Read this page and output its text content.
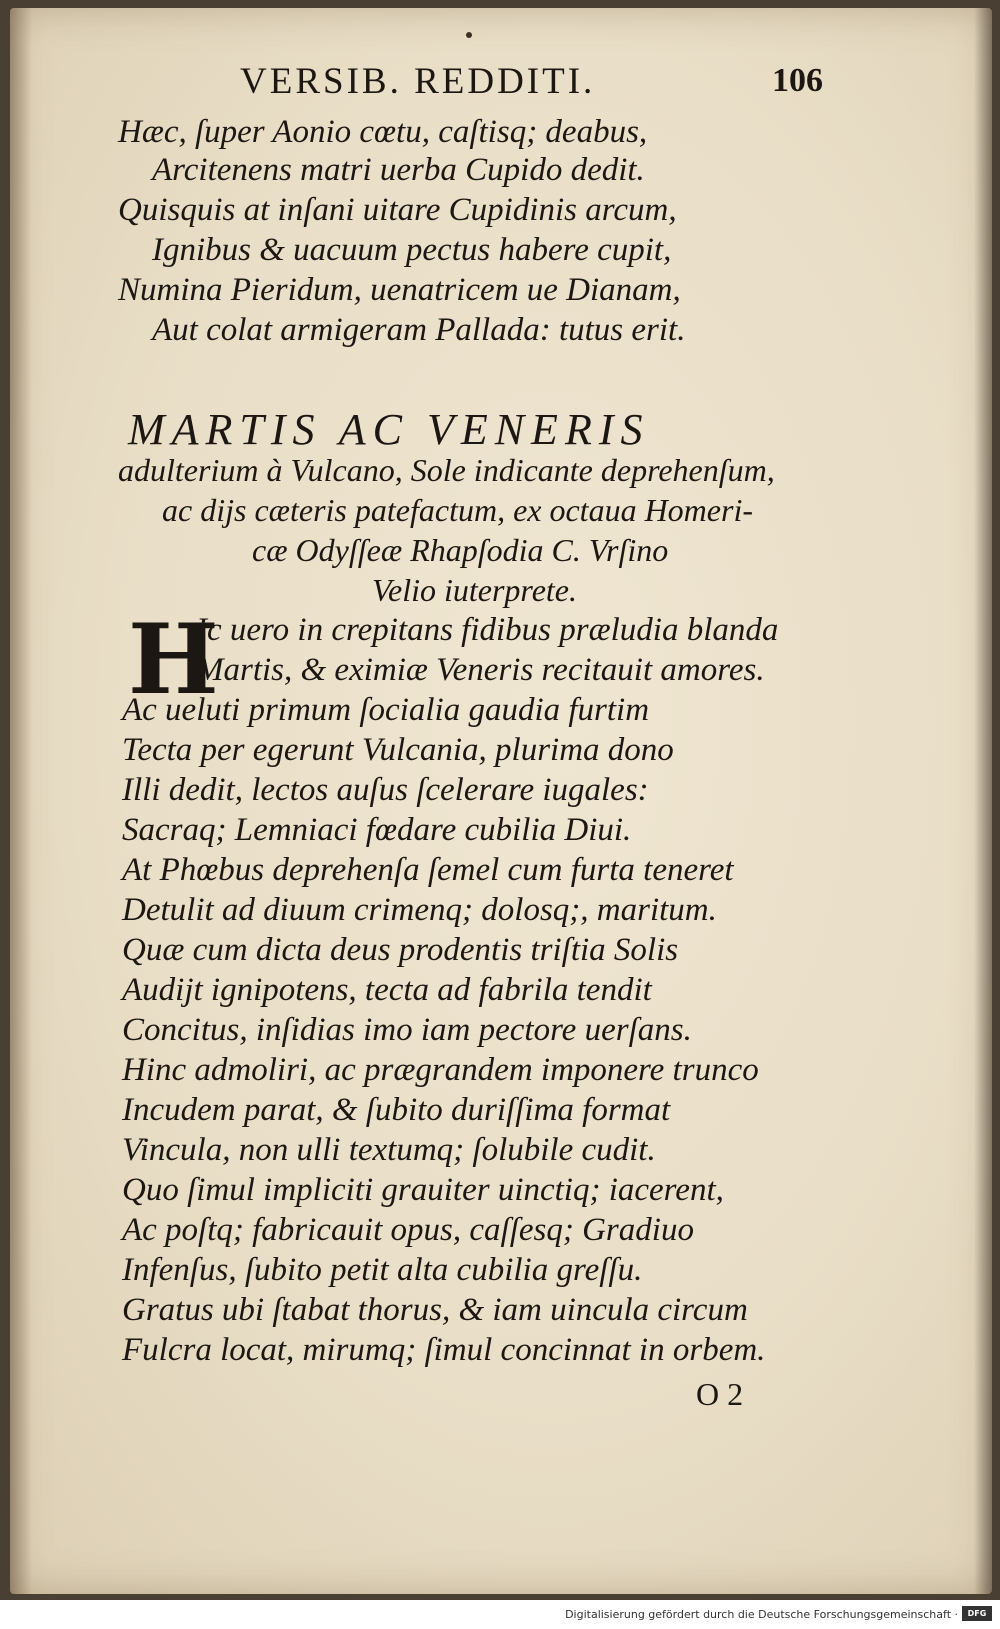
VERSIB. REDDITI.	106
Hæc, ſuper Aonio cœtu, caſtisq; deabus,
Arcitenens matri uerba Cupido dedit.
Quisquis at inſani uitare Cupidinis arcum,
Ignibus & uacuum pectus habere cupit,
Numina Pieridum, uenatricem ue Dianam,
Aut colat armigeram Pallada: tutus erit.
MARTIS AC VENERIS
adulterium à Vulcano, Sole indicante deprehenſum,
ac dijs cæteris patefactum, ex octaua Homeri-
cæ Odyſſeæ Rhapſodia C. Vrſino
Velio iuterprete.
H
Ic uero in crepitans fidibus præludia blanda
Martis, & eximiæ Veneris recitauit amores.
Ac ueluti primum ſocialia gaudia furtim
Tecta per egerunt Vulcania, plurima dono
Illi dedit, lectos auſus ſcelerare iugales:
Sacraq; Lemniaci fœdare cubilia Diui.
At Phœbus deprehenſa ſemel cum furta teneret
Detulit ad diuum crimenq; dolosq;, maritum.
Quæ cum dicta deus prodentis triſtia Solis
Audijt ignipotens, tecta ad fabrila tendit
Concitus, inſidias imo iam pectore uerſans.
Hinc admoliri, ac prægrandem imponere trunco
Incudem parat, & ſubito duriſſima format
Vincula, non ulli textumq; ſolubile cudit.
Quo ſimul impliciti grauiter uinctiq; iacerent,
Ac poſtq; fabricauit opus, caſſesq; Gradiuo
Infenſus, ſubito petit alta cubilia greſſu.
Gratus ubi ſtabat thorus, & iam uincula circum
Fulcra locat, mirumq; ſimul concinnat in orbem.
O 2
Digitalisierung gefördert durch die Deutsche Forschungsgemeinschaft ·	DFG
